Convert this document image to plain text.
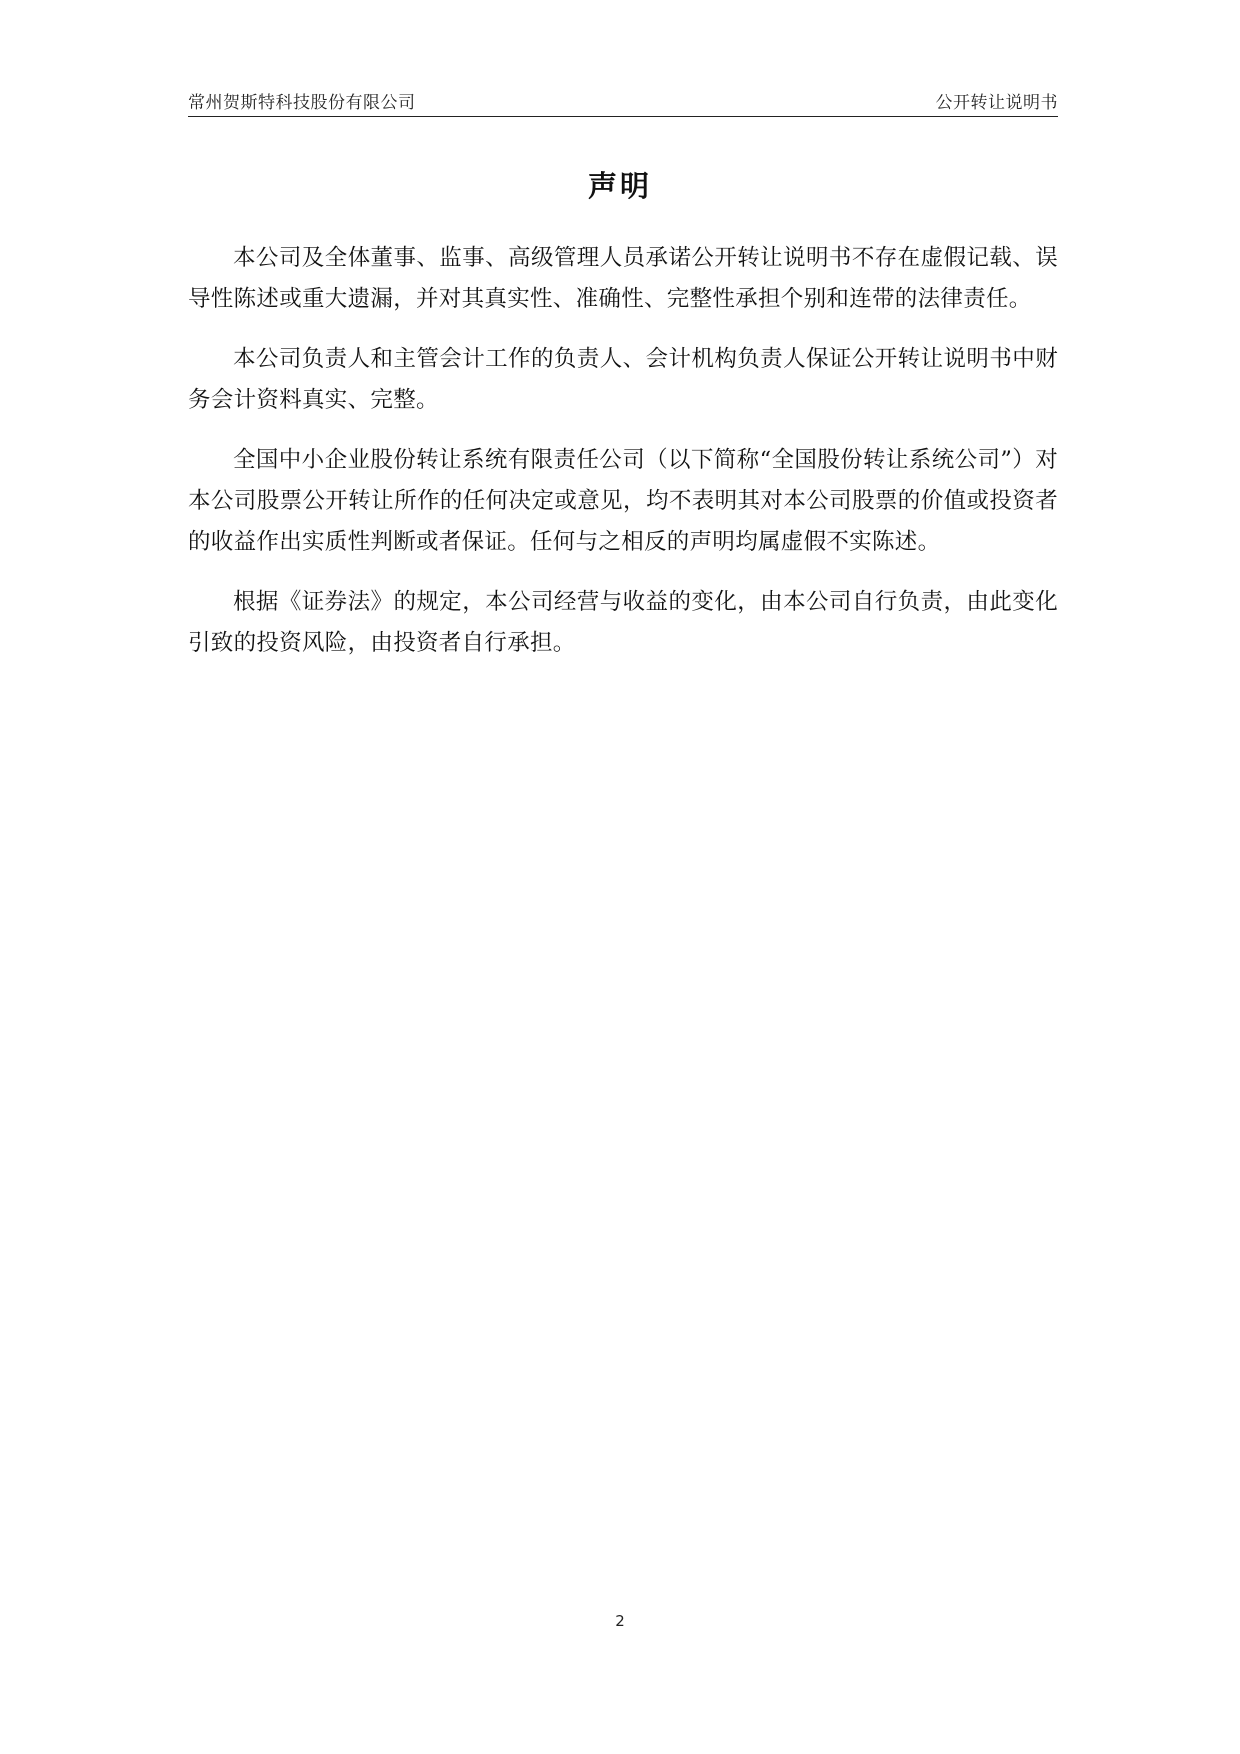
常州贺斯特科技股份有限公司	公开转让说明书
声明

本公司及全体董事、监事、高级管理人员承诺公开转让说明书不存在虚假记载、误导性陈述或重大遗漏，并对其真实性、准确性、完整性承担个别和连带的法律责任。

本公司负责人和主管会计工作的负责人、会计机构负责人保证公开转让说明书中财务会计资料真实、完整。

全国中小企业股份转让系统有限责任公司（以下简称“全国股份转让系统公司”）对本公司股票公开转让所作的任何决定或意见，均不表明其对本公司股票的价值或投资者的收益作出实质性判断或者保证。任何与之相反的声明均属虚假不实陈述。

根据《证券法》的规定，本公司经营与收益的变化，由本公司自行负责，由此变化引致的投资风险，由投资者自行承担。

2
